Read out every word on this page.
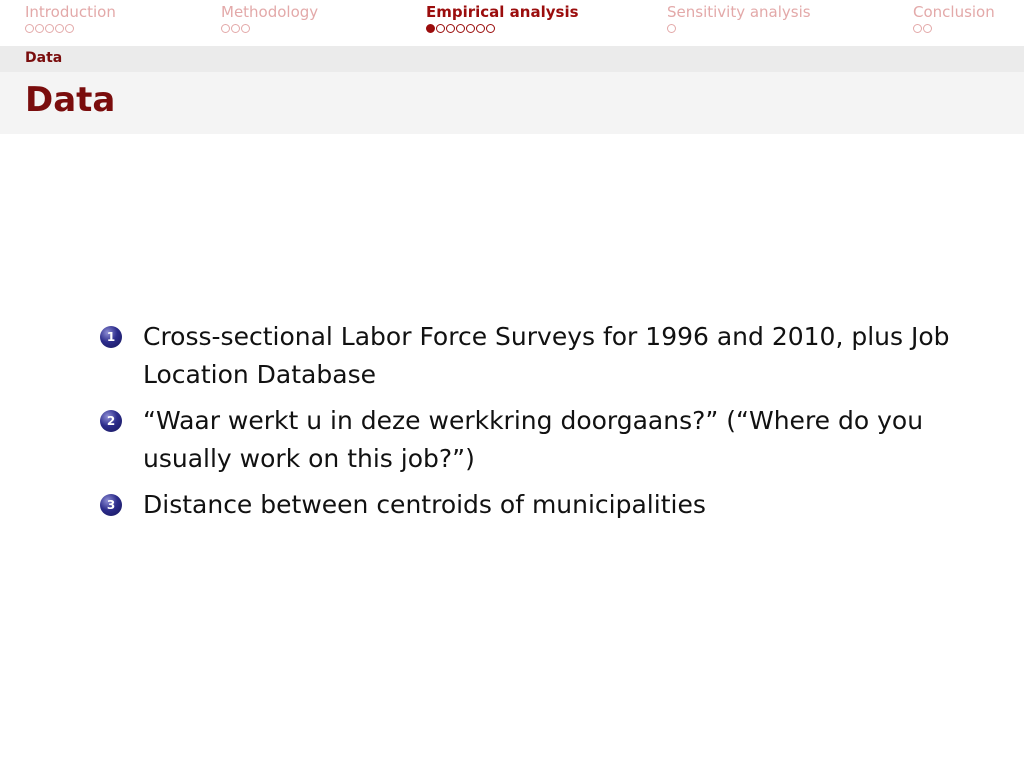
Introduction	Methodology	Empirical analysis	Sensitivity analysis	Conclusion
Data
Data
1 Cross-sectional Labor Force Surveys for 1996 and 2010, plus Job Location Database
2 “Waar werkt u in deze werkkring doorgaans?” (“Where do you usually work on this job?”)
3 Distance between centroids of municipalities
